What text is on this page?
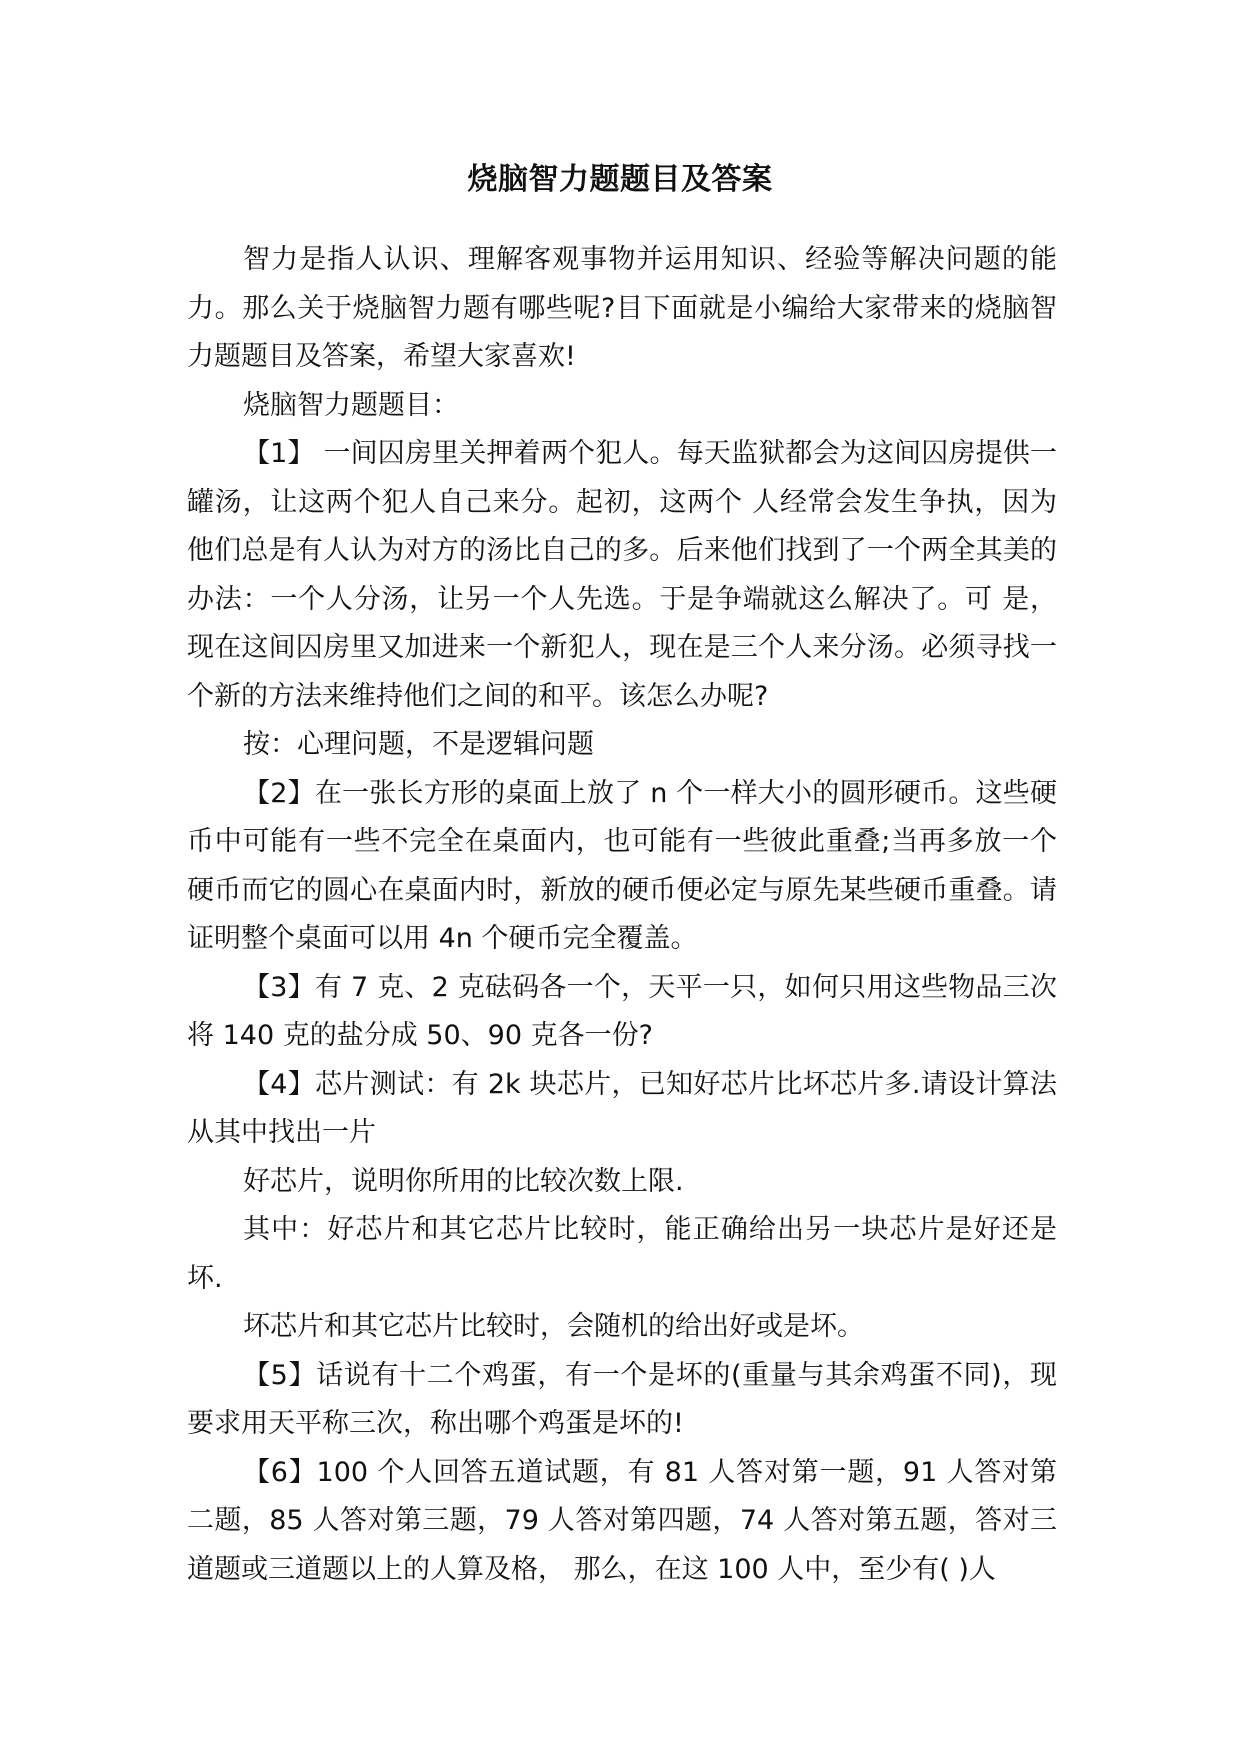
烧脑智力题题目及答案

智力是指人认识、理解客观事物并运用知识、经验等解决问题的能力。那么关于烧脑智力题有哪些呢?目下面就是小编给大家带来的烧脑智力题题目及答案，希望大家喜欢!

烧脑智力题题目：

【1】 一间囚房里关押着两个犯人。每天监狱都会为这间囚房提供一罐汤，让这两个犯人自己来分。起初，这两个 人经常会发生争执，因为他们总是有人认为对方的汤比自己的多。后来他们找到了一个两全其美的办法：一个人分汤，让另一个人先选。于是争端就这么解决了。可 是，现在这间囚房里又加进来一个新犯人，现在是三个人来分汤。必须寻找一个新的方法来维持他们之间的和平。该怎么办呢?

按：心理问题，不是逻辑问题

【2】在一张长方形的桌面上放了 n 个一样大小的圆形硬币。这些硬币中可能有一些不完全在桌面内，也可能有一些彼此重叠;当再多放一个硬币而它的圆心在桌面内时，新放的硬币便必定与原先某些硬币重叠。请证明整个桌面可以用 4n 个硬币完全覆盖。

【3】有 7 克、2 克砝码各一个，天平一只，如何只用这些物品三次将 140 克的盐分成 50、90 克各一份?

【4】芯片测试：有 2k 块芯片，已知好芯片比坏芯片多.请设计算法从其中找出一片

好芯片，说明你所用的比较次数上限.

其中：好芯片和其它芯片比较时，能正确给出另一块芯片是好还是坏.

坏芯片和其它芯片比较时，会随机的给出好或是坏。

【5】话说有十二个鸡蛋，有一个是坏的(重量与其余鸡蛋不同)，现要求用天平称三次，称出哪个鸡蛋是坏的!

【6】100 个人回答五道试题，有 81 人答对第一题，91 人答对第二题，85 人答对第三题，79 人答对第四题，74 人答对第五题，答对三道题或三道题以上的人算及格， 那么，在这 100 人中，至少有( )人
